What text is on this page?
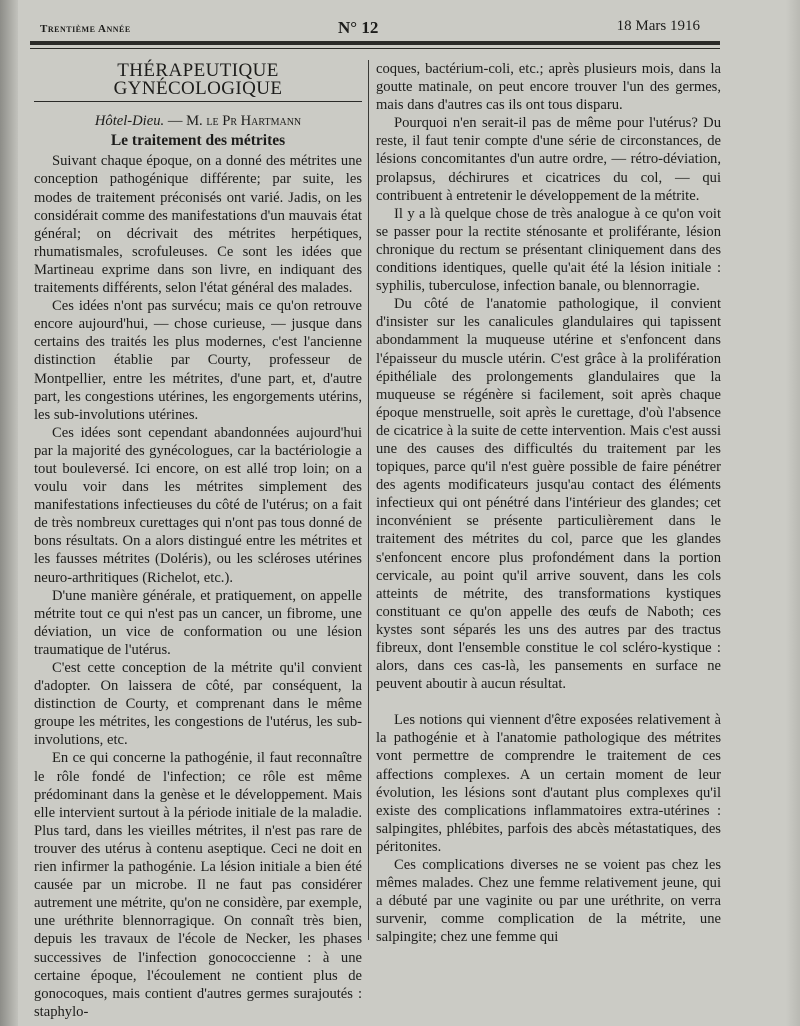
Trentième Année	N° 12	18 Mars 1916
THÉRAPEUTIQUE GYNÉCOLOGIQUE
Hôtel-Dieu. — M. le Pr Hartmann
Le traitement des métrites

Suivant chaque époque, on a donné des métrites une conception pathogénique différente; par suite, les modes de traitement préconisés ont varié. Jadis, on les considérait comme des manifestations d'un mauvais état général; on décrivait des métrites herpétiques, rhumatismales, scrofuleuses. Ce sont les idées que Martineau exprime dans son livre, en indiquant des traitements différents, selon l'état général des malades.

Ces idées n'ont pas survécu; mais ce qu'on retrouve encore aujourd'hui, — chose curieuse, — jusque dans certains des traités les plus modernes, c'est l'ancienne distinction établie par Courty, professeur de Montpellier, entre les métrites, d'une part, et, d'autre part, les congestions utérines, les engorgements utérins, les sub-involutions utérines.

Ces idées sont cependant abandonnées aujourd'hui par la majorité des gynécologues, car la bactériologie a tout bouleversé. Ici encore, on est allé trop loin; on a voulu voir dans les métrites simplement des manifestations infectieuses du côté de l'utérus; on a fait de très nombreux curettages qui n'ont pas tous donné de bons résultats. On a alors distingué entre les métrites et les fausses métrites (Doléris), ou les scléroses utérines neuro-arthritiques (Richelot, etc.).

D'une manière générale, et pratiquement, on appelle métrite tout ce qui n'est pas un cancer, un fibrome, une déviation, un vice de conformation ou une lésion traumatique de l'utérus.

C'est cette conception de la métrite qu'il convient d'adopter. On laissera de côté, par conséquent, la distinction de Courty, et comprenant dans le même groupe les métrites, les congestions de l'utérus, les sub-involutions, etc.

En ce qui concerne la pathogénie, il faut reconnaître le rôle fondé de l'infection; ce rôle est même prédominant dans la genèse et le développement. Mais elle intervient surtout à la période initiale de la maladie. Plus tard, dans les vieilles métrites, il n'est pas rare de trouver des utérus à contenu aseptique. Ceci ne doit en rien infirmer la pathogénie. La lésion initiale a bien été causée par un microbe. Il ne faut pas considérer autrement une métrite, qu'on ne considère, par exemple, une uréthrite blennorragique. On connaît très bien, depuis les travaux de l'école de Necker, les phases successives de l'infection gonococcienne : à une certaine époque, l'écoulement ne contient plus de gonocoques, mais contient d'autres germes surajoutés : staphylo-

coques, bactérium-coli, etc.; après plusieurs mois, dans la goutte matinale, on peut encore trouver l'un des germes, mais dans d'autres cas ils ont tous disparu.

Pourquoi n'en serait-il pas de même pour l'utérus? Du reste, il faut tenir compte d'une série de circonstances, de lésions concomitantes d'un autre ordre, — rétro-déviation, prolapsus, déchirures et cicatrices du col, — qui contribuent à entretenir le développement de la métrite.

Il y a là quelque chose de très analogue à ce qu'on voit se passer pour la rectite sténosante et proliférante, lésion chronique du rectum se présentant cliniquement dans des conditions identiques, quelle qu'ait été la lésion initiale : syphilis, tuberculose, infection banale, ou blennorragie.

Du côté de l'anatomie pathologique, il convient d'insister sur les canalicules glandulaires qui tapissent abondamment la muqueuse utérine et s'enfoncent dans l'épaisseur du muscle utérin. C'est grâce à la prolifération épithéliale des prolongements glandulaires que la muqueuse se régénère si facilement, soit après chaque époque menstruelle, soit après le curettage, d'où l'absence de cicatrice à la suite de cette intervention. Mais c'est aussi une des causes des difficultés du traitement par les topiques, parce qu'il n'est guère possible de faire pénétrer des agents modificateurs jusqu'au contact des éléments infectieux qui ont pénétré dans l'intérieur des glandes; cet inconvénient se présente particulièrement dans le traitement des métrites du col, parce que les glandes s'enfoncent encore plus profondément dans la portion cervicale, au point qu'il arrive souvent, dans les cols atteints de métrite, des transformations kystiques constituant ce qu'on appelle des œufs de Naboth; ces kystes sont séparés les uns des autres par des tractus fibreux, dont l'ensemble constitue le col scléro-kystique : alors, dans ces cas-là, les pansements en surface ne peuvent aboutir à aucun résultat.

Les notions qui viennent d'être exposées relativement à la pathogénie et à l'anatomie pathologique des métrites vont permettre de comprendre le traitement de ces affections complexes. A un certain moment de leur évolution, les lésions sont d'autant plus complexes qu'il existe des complications inflammatoires extra-utérines : salpingites, phlébites, parfois des abcès métastatiques, des péritonites.

Ces complications diverses ne se voient pas chez les mêmes malades. Chez une femme relativement jeune, qui a débuté par une vaginite ou par une uréthrite, on verra survenir, comme complication de la métrite, une salpingite; chez une femme qui
